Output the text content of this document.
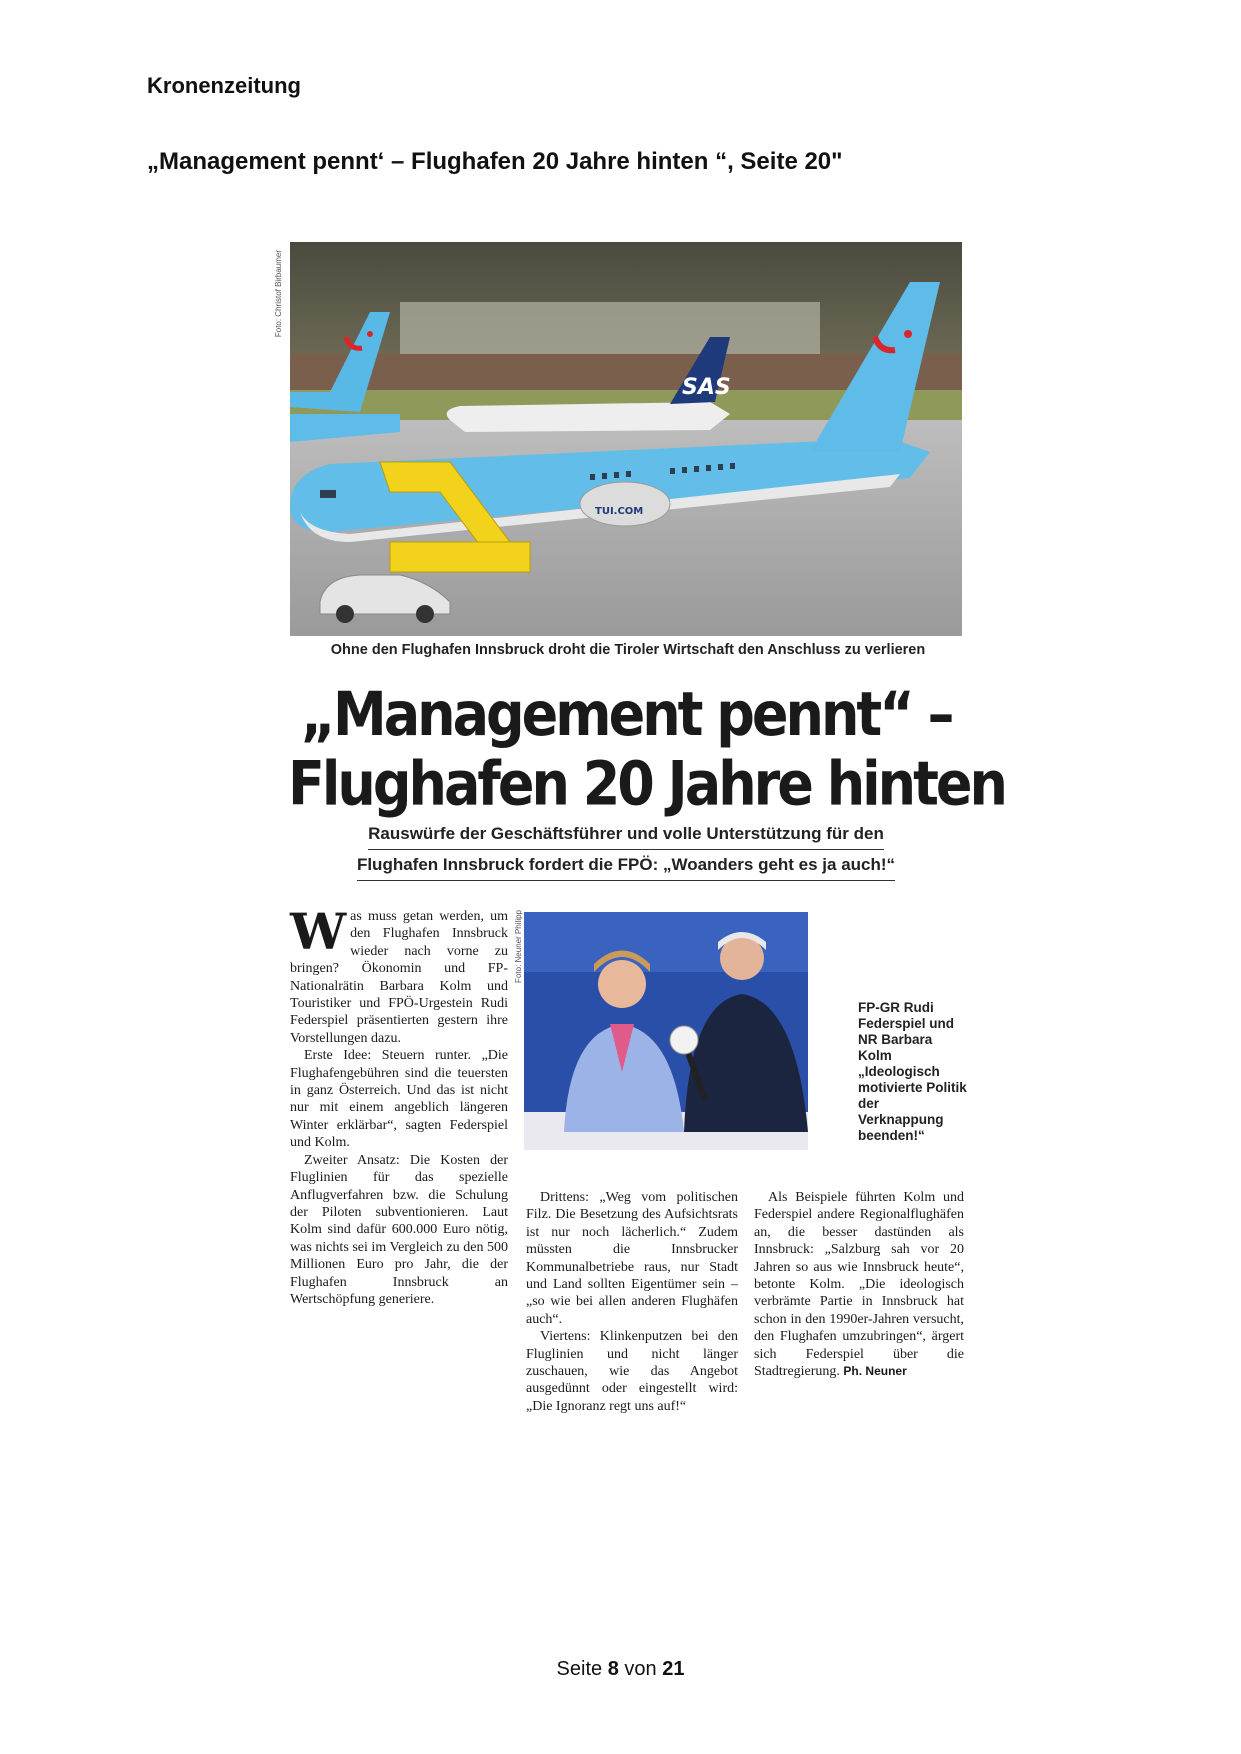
Kronenzeitung
„Management pennt‘ – Flughafen 20 Jahre hinten “, Seite 20"
Foto: Christof Birbaumer
SAS
TUI.COM
Ohne den Flughafen Innsbruck droht die Tiroler Wirtschaft den Anschluss zu verlieren
„Management pennt“ –
Flughafen 20 Jahre hinten
Rauswürfe der Geschäftsführer und volle Unterstützung für den
Flughafen Innsbruck fordert die FPÖ: „Woanders geht es ja auch!“

Was muss getan werden, um den Flughafen Innsbruck wieder nach vorne zu bringen? Ökonomin und FP-Nationalrätin Barbara Kolm und Touristiker und FPÖ-Urgestein Rudi Federspiel präsentierten gestern ihre Vorstellungen dazu.

Erste Idee: Steuern runter. „Die Flughafengebühren sind die teuersten in ganz Österreich. Und das ist nicht nur mit einem angeblich längeren Winter erklärbar“, sagten Federspiel und Kolm.

Zweiter Ansatz: Die Kosten der Fluglinien für das spezielle Anflugverfahren bzw. die Schulung der Piloten subventionieren. Laut Kolm sind dafür 600.000 Euro nötig, was nichts sei im Vergleich zu den 500 Millionen Euro pro Jahr, die der Flughafen Innsbruck an Wertschöpfung generiere.

Foto: Neuner Philipp
FP-GR Rudi Federspiel und NR Barbara Kolm „Ideologisch motivierte Politik der Verknappung beenden!“

Drittens: „Weg vom politischen Filz. Die Besetzung des Aufsichtsrats ist nur noch lächerlich.“ Zudem müssten die Innsbrucker Kommunalbetriebe raus, nur Stadt und Land sollten Eigentümer sein – „so wie bei allen anderen Flughäfen auch“.

Viertens: Klinkenputzen bei den Fluglinien und nicht länger zuschauen, wie das Angebot ausgedünnt oder eingestellt wird: „Die Ignoranz regt uns auf!“

Als Beispiele führten Kolm und Federspiel andere Regionalflughäfen an, die besser dastünden als Innsbruck: „Salzburg sah vor 20 Jahren so aus wie Innsbruck heute“, betonte Kolm. „Die ideologisch verbrämte Partie in Innsbruck hat schon in den 1990er-Jahren versucht, den Flughafen umzubringen“, ärgert sich Federspiel über die Stadtregierung. Ph. Neuner

Seite 8 von 21
